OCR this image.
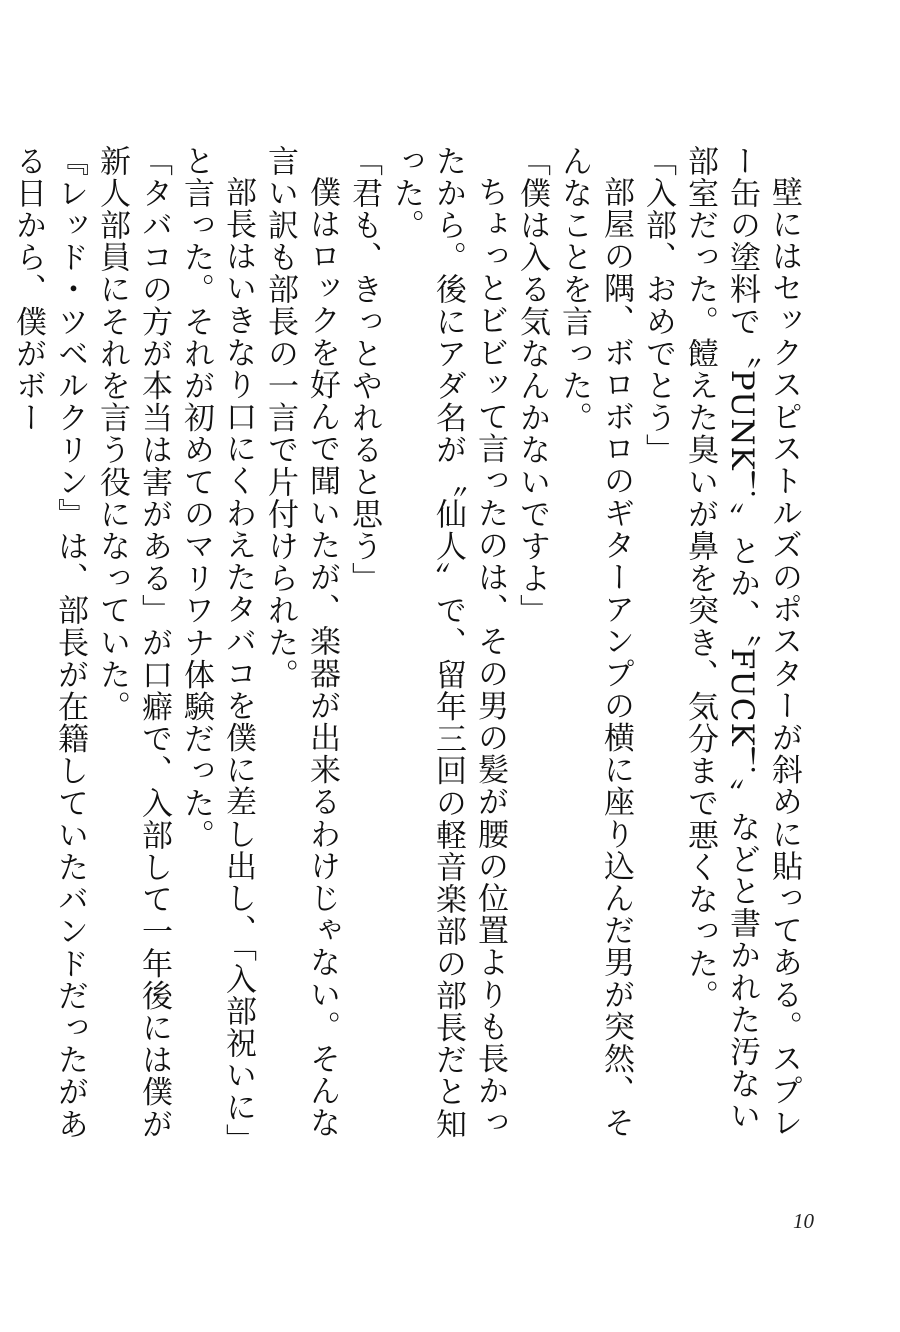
壁にはセックスピストルズのポスターが斜めに貼ってある。スプレー缶の塗料で〝PUNK！〟とか、〝FUCK！〟などと書かれた汚ない部室だった。饐えた臭いが鼻を突き、気分まで悪くなった。

「入部、おめでとう」

部屋の隅、ボロボロのギターアンプの横に座り込んだ男が突然、そんなことを言った。

「僕は入る気なんかないですよ」

ちょっとビビッて言ったのは、その男の髪が腰の位置よりも長かったから。後にアダ名が〝仙人〟で、留年三回の軽音楽部の部長だと知った。

「君も、きっとやれると思う」

僕はロックを好んで聞いたが、楽器が出来るわけじゃない。そんな言い訳も部長の一言で片付けられた。

部長はいきなり口にくわえたタバコを僕に差し出し、「入部祝いに」と言った。それが初めてのマリワナ体験だった。

「タバコの方が本当は害がある」が口癖で、入部して一年後には僕が新人部員にそれを言う役になっていた。

『レッド・ツベルクリン』は、部長が在籍していたバンドだったがある日から、僕がボー

10
